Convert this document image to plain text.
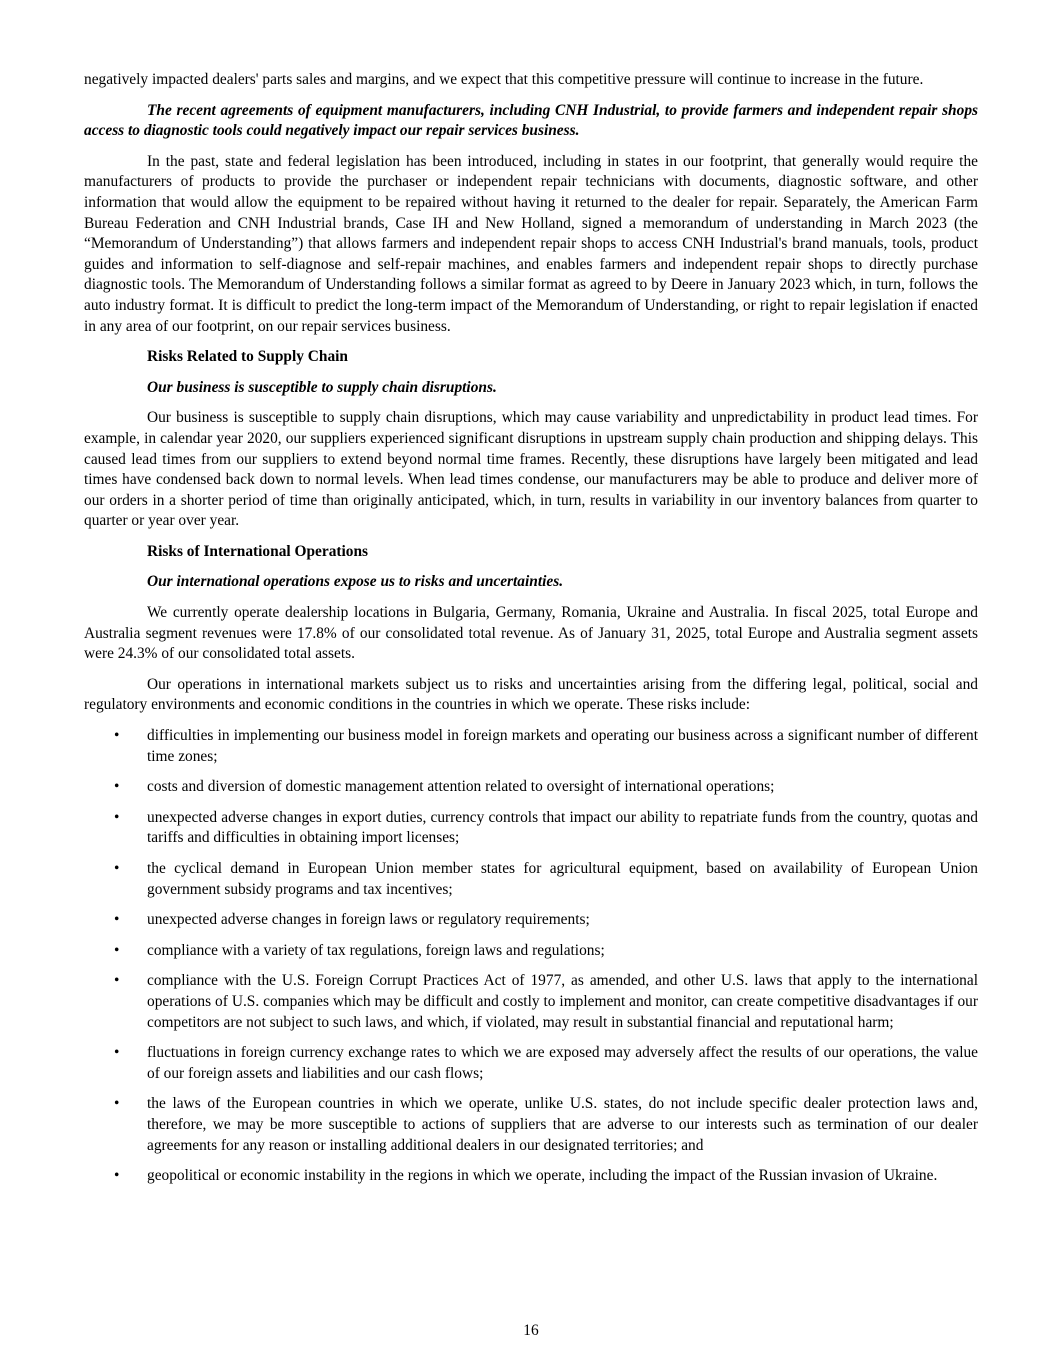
negatively impacted dealers' parts sales and margins, and we expect that this competitive pressure will continue to increase in the future.

The recent agreements of equipment manufacturers, including CNH Industrial, to provide farmers and independent repair shops access to diagnostic tools could negatively impact our repair services business.

In the past, state and federal legislation has been introduced, including in states in our footprint, that generally would require the manufacturers of products to provide the purchaser or independent repair technicians with documents, diagnostic software, and other information that would allow the equipment to be repaired without having it returned to the dealer for repair. Separately, the American Farm Bureau Federation and CNH Industrial brands, Case IH and New Holland, signed a memorandum of understanding in March 2023 (the “Memorandum of Understanding”) that allows farmers and independent repair shops to access CNH Industrial's brand manuals, tools, product guides and information to self-diagnose and self-repair machines, and enables farmers and independent repair shops to directly purchase diagnostic tools. The Memorandum of Understanding follows a similar format as agreed to by Deere in January 2023 which, in turn, follows the auto industry format. It is difficult to predict the long-term impact of the Memorandum of Understanding, or right to repair legislation if enacted in any area of our footprint, on our repair services business.

Risks Related to Supply Chain
Our business is susceptible to supply chain disruptions.

Our business is susceptible to supply chain disruptions, which may cause variability and unpredictability in product lead times. For example, in calendar year 2020, our suppliers experienced significant disruptions in upstream supply chain production and shipping delays. This caused lead times from our suppliers to extend beyond normal time frames. Recently, these disruptions have largely been mitigated and lead times have condensed back down to normal levels. When lead times condense, our manufacturers may be able to produce and deliver more of our orders in a shorter period of time than originally anticipated, which, in turn, results in variability in our inventory balances from quarter to quarter or year over year.

Risks of International Operations
Our international operations expose us to risks and uncertainties.

We currently operate dealership locations in Bulgaria, Germany, Romania, Ukraine and Australia. In fiscal 2025, total Europe and Australia segment revenues were 17.8% of our consolidated total revenue. As of January 31, 2025, total Europe and Australia segment assets were 24.3% of our consolidated total assets.

Our operations in international markets subject us to risks and uncertainties arising from the differing legal, political, social and regulatory environments and economic conditions in the countries in which we operate. These risks include:

• difficulties in implementing our business model in foreign markets and operating our business across a significant number of different time zones;
• costs and diversion of domestic management attention related to oversight of international operations;
• unexpected adverse changes in export duties, currency controls that impact our ability to repatriate funds from the country, quotas and tariffs and difficulties in obtaining import licenses;
• the cyclical demand in European Union member states for agricultural equipment, based on availability of European Union government subsidy programs and tax incentives;
• unexpected adverse changes in foreign laws or regulatory requirements;
• compliance with a variety of tax regulations, foreign laws and regulations;
• compliance with the U.S. Foreign Corrupt Practices Act of 1977, as amended, and other U.S. laws that apply to the international operations of U.S. companies which may be difficult and costly to implement and monitor, can create competitive disadvantages if our competitors are not subject to such laws, and which, if violated, may result in substantial financial and reputational harm;
• fluctuations in foreign currency exchange rates to which we are exposed may adversely affect the results of our operations, the value of our foreign assets and liabilities and our cash flows;
• the laws of the European countries in which we operate, unlike U.S. states, do not include specific dealer protection laws and, therefore, we may be more susceptible to actions of suppliers that are adverse to our interests such as termination of our dealer agreements for any reason or installing additional dealers in our designated territories; and
• geopolitical or economic instability in the regions in which we operate, including the impact of the Russian invasion of Ukraine.
16
